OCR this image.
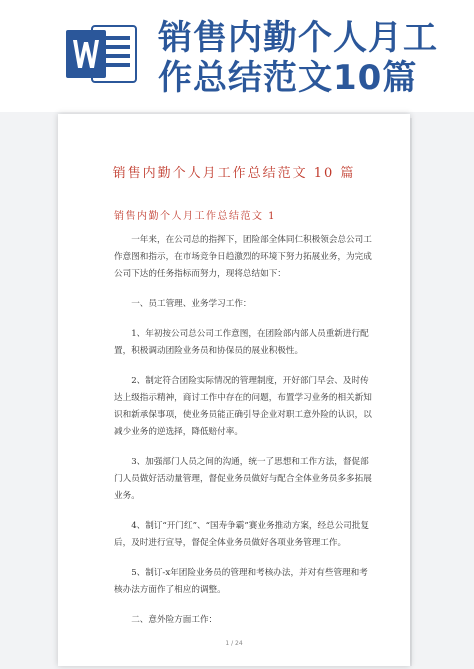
销售内勤个人月工作总结范文10篇
销售内勤个人月工作总结范文 10 篇
销售内勤个人月工作总结范文 1

一年来，在公司总的指挥下，团险部全体同仁积极领会总公司工作意图和指示，在市场竞争日趋激烈的环境下努力拓展业务，为完成公司下达的任务指标而努力，现将总结如下：

一、员工管理、业务学习工作：

1、年初按公司总公司工作意图，在团险部内部人员重新进行配置，积极调动团险业务员和协保员的展业积极性。

2、制定符合团险实际情况的管理制度，开好部门早会、及时传达上级指示精神，商讨工作中存在的问题，布置学习业务的相关新知识和新承保事项，使业务员能正确引导企业对职工意外险的认识，以减少业务的逆选择，降低赔付率。

3、加强部门人员之间的沟通，统一了思想和工作方法，督促部门人员做好活动量管理，督促业务员做好与配合全体业务员多多拓展业务。

4、制订“开门红”、“国寿争霸”赛业务推动方案，经总公司批复后，及时进行宣导，督促全体业务员做好各项业务管理工作。

5、制订-x年团险业务员的管理和考核办法，并对有些管理和考核办法方面作了相应的调整。

二、意外险方面工作：

1 / 24
